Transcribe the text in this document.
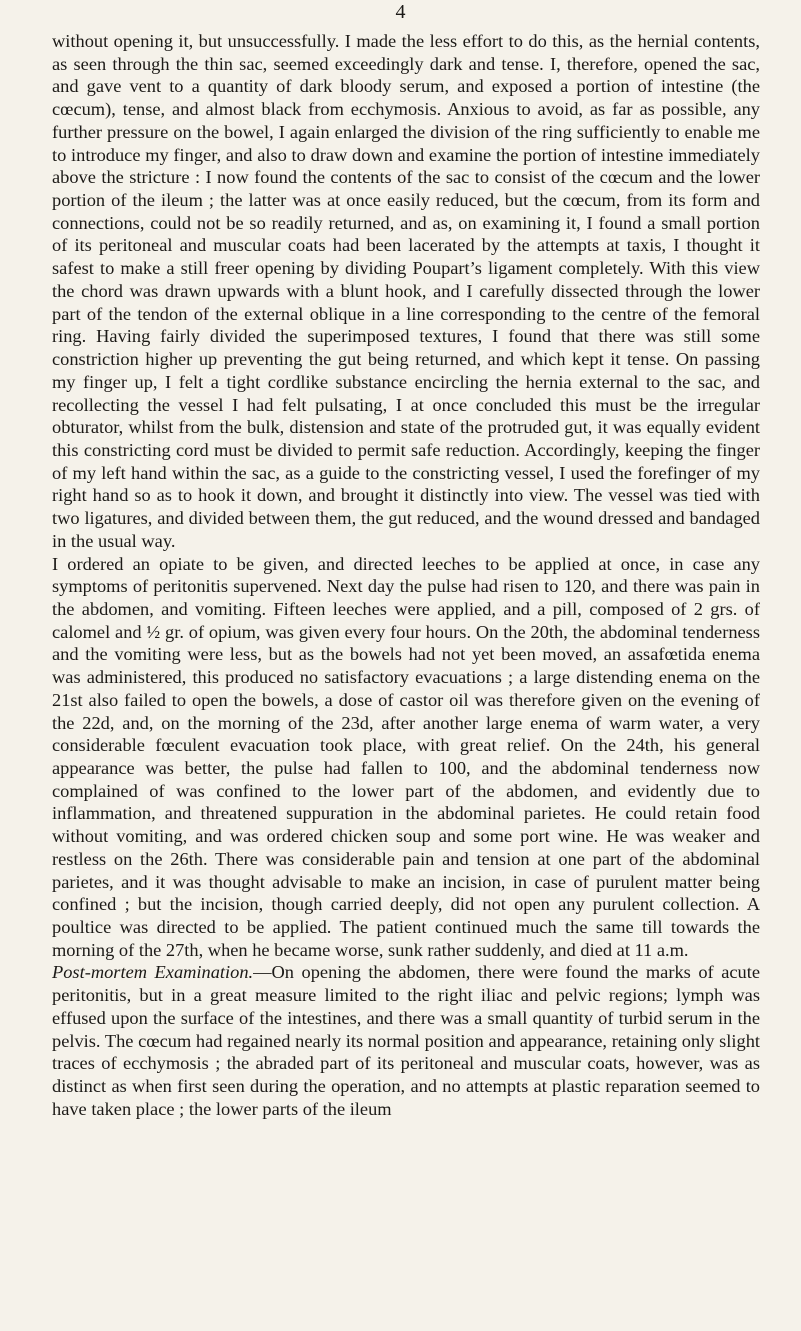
4

without opening it, but unsuccessfully. I made the less effort to do this, as the hernial contents, as seen through the thin sac, seemed exceedingly dark and tense. I, therefore, opened the sac, and gave vent to a quantity of dark bloody serum, and exposed a portion of intestine (the cœcum), tense, and almost black from ecchymosis. Anxious to avoid, as far as possible, any further pressure on the bowel, I again enlarged the division of the ring sufficiently to enable me to introduce my finger, and also to draw down and examine the portion of intestine immediately above the stricture : I now found the contents of the sac to consist of the cœcum and the lower portion of the ileum ; the latter was at once easily reduced, but the cœcum, from its form and connections, could not be so readily returned, and as, on examining it, I found a small portion of its peritoneal and muscular coats had been lacerated by the attempts at taxis, I thought it safest to make a still freer opening by dividing Poupart’s ligament completely. With this view the chord was drawn upwards with a blunt hook, and I carefully dissected through the lower part of the tendon of the external oblique in a line corresponding to the centre of the femoral ring. Having fairly divided the superimposed textures, I found that there was still some constriction higher up preventing the gut being returned, and which kept it tense. On passing my finger up, I felt a tight cordlike substance encircling the hernia external to the sac, and recollecting the vessel I had felt pulsating, I at once concluded this must be the irregular obturator, whilst from the bulk, distension and state of the protruded gut, it was equally evident this constricting cord must be divided to permit safe reduction. Accordingly, keeping the finger of my left hand within the sac, as a guide to the constricting vessel, I used the forefinger of my right hand so as to hook it down, and brought it distinctly into view. The vessel was tied with two ligatures, and divided between them, the gut reduced, and the wound dressed and bandaged in the usual way.

I ordered an opiate to be given, and directed leeches to be applied at once, in case any symptoms of peritonitis supervened. Next day the pulse had risen to 120, and there was pain in the abdomen, and vomiting. Fifteen leeches were applied, and a pill, composed of 2 grs. of calomel and ½ gr. of opium, was given every four hours. On the 20th, the abdominal tenderness and the vomiting were less, but as the bowels had not yet been moved, an assafœtida enema was administered, this produced no satisfactory evacuations ; a large distending enema on the 21st also failed to open the bowels, a dose of castor oil was therefore given on the evening of the 22d, and, on the morning of the 23d, after another large enema of warm water, a very considerable fœculent evacuation took place, with great relief. On the 24th, his general appearance was better, the pulse had fallen to 100, and the abdominal tenderness now complained of was confined to the lower part of the abdomen, and evidently due to inflammation, and threatened suppuration in the abdominal parietes. He could retain food without vomiting, and was ordered chicken soup and some port wine. He was weaker and restless on the 26th. There was considerable pain and tension at one part of the abdominal parietes, and it was thought advisable to make an incision, in case of purulent matter being confined ; but the incision, though carried deeply, did not open any purulent collection. A poultice was directed to be applied. The patient continued much the same till towards the morning of the 27th, when he became worse, sunk rather suddenly, and died at 11 a.m.

Post-mortem Examination.—On opening the abdomen, there were found the marks of acute peritonitis, but in a great measure limited to the right iliac and pelvic regions; lymph was effused upon the surface of the intestines, and there was a small quantity of turbid serum in the pelvis. The cœcum had regained nearly its normal position and appearance, retaining only slight traces of ecchymosis ; the abraded part of its peritoneal and muscular coats, however, was as distinct as when first seen during the operation, and no attempts at plastic reparation seemed to have taken place ; the lower parts of the ileum
